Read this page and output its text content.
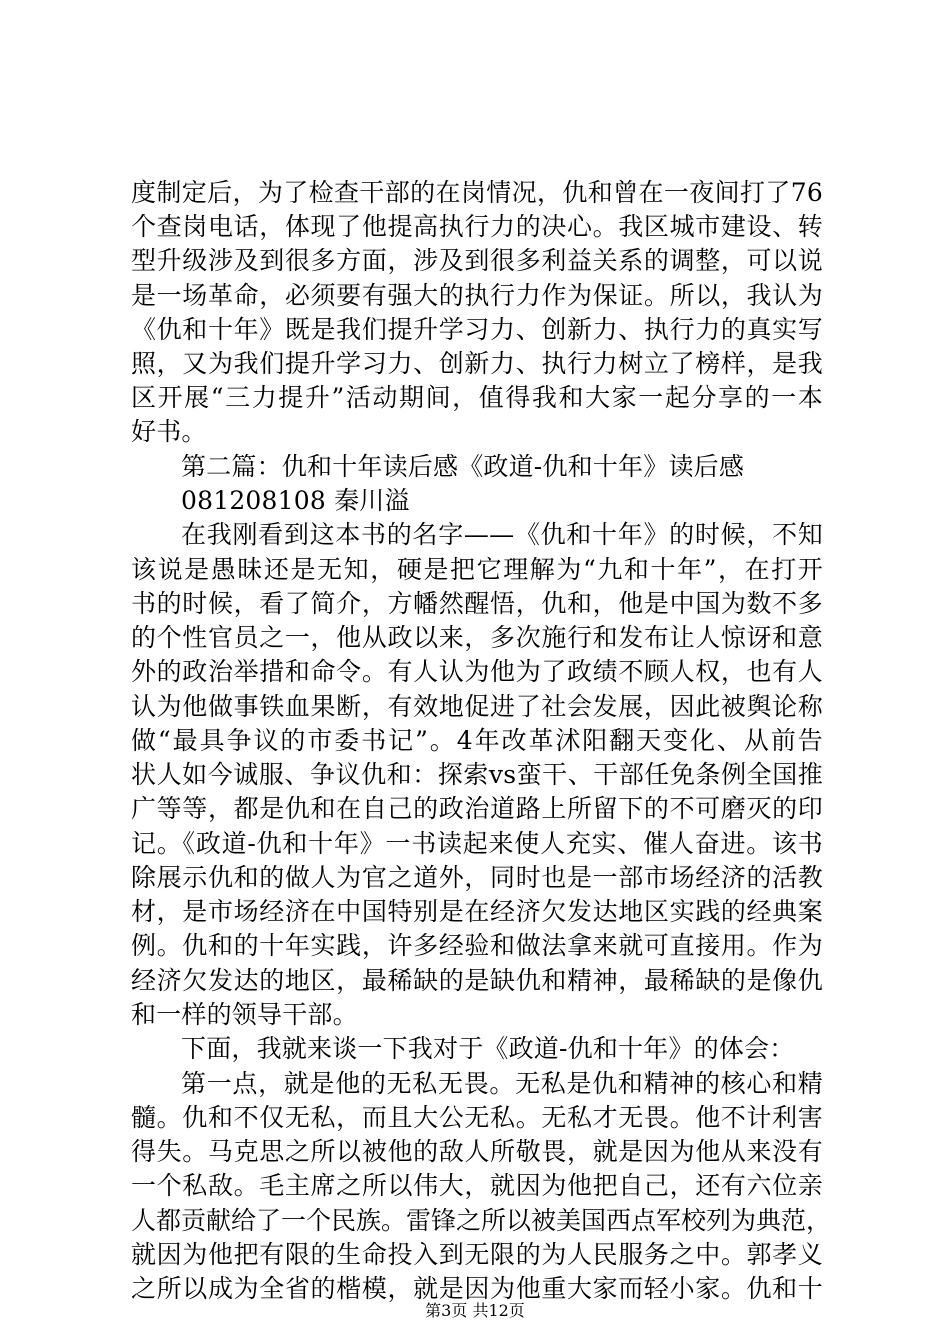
度制定后，为了检查干部的在岗情况，仇和曾在一夜间打了76
个查岗电话，体现了他提高执行力的决心。我区城市建设、转
型升级涉及到很多方面，涉及到很多利益关系的调整，可以说
是一场革命，必须要有强大的执行力作为保证。所以，我认为
《仇和十年》既是我们提升学习力、创新力、执行力的真实写
照，又为我们提升学习力、创新力、执行力树立了榜样，是我
区开展“三力提升”活动期间，值得我和大家一起分享的一本
好书。
第二篇：仇和十年读后感《政道-仇和十年》读后感
081208108 秦川溢
在我刚看到这本书的名字——《仇和十年》的时候，不知
该说是愚昧还是无知，硬是把它理解为“九和十年”，在打开
书的时候，看了简介，方幡然醒悟，仇和，他是中国为数不多
的个性官员之一，他从政以来，多次施行和发布让人惊讶和意
外的政治举措和命令。有人认为他为了政绩不顾人权，也有人
认为他做事铁血果断，有效地促进了社会发展，因此被舆论称
做“最具争议的市委书记”。4年改革沭阳翻天变化、从前告
状人如今诚服、争议仇和：探索vs蛮干、干部任免条例全国推
广等等，都是仇和在自己的政治道路上所留下的不可磨灭的印
记。《政道-仇和十年》一书读起来使人充实、催人奋进。该书
除展示仇和的做人为官之道外，同时也是一部市场经济的活教
材，是市场经济在中国特别是在经济欠发达地区实践的经典案
例。仇和的十年实践，许多经验和做法拿来就可直接用。作为
经济欠发达的地区，最稀缺的是缺仇和精神，最稀缺的是像仇
和一样的领导干部。
下面，我就来谈一下我对于《政道-仇和十年》的体会：
第一点，就是他的无私无畏。无私是仇和精神的核心和精
髓。仇和不仅无私，而且大公无私。无私才无畏。他不计利害
得失。马克思之所以被他的敌人所敬畏，就是因为他从来没有
一个私敌。毛主席之所以伟大，就因为他把自己，还有六位亲
人都贡献给了一个民族。雷锋之所以被美国西点军校列为典范，
就因为他把有限的生命投入到无限的为人民服务之中。郭孝义
之所以成为全省的楷模，就是因为他重大家而轻小家。仇和十
第3页 共12页
